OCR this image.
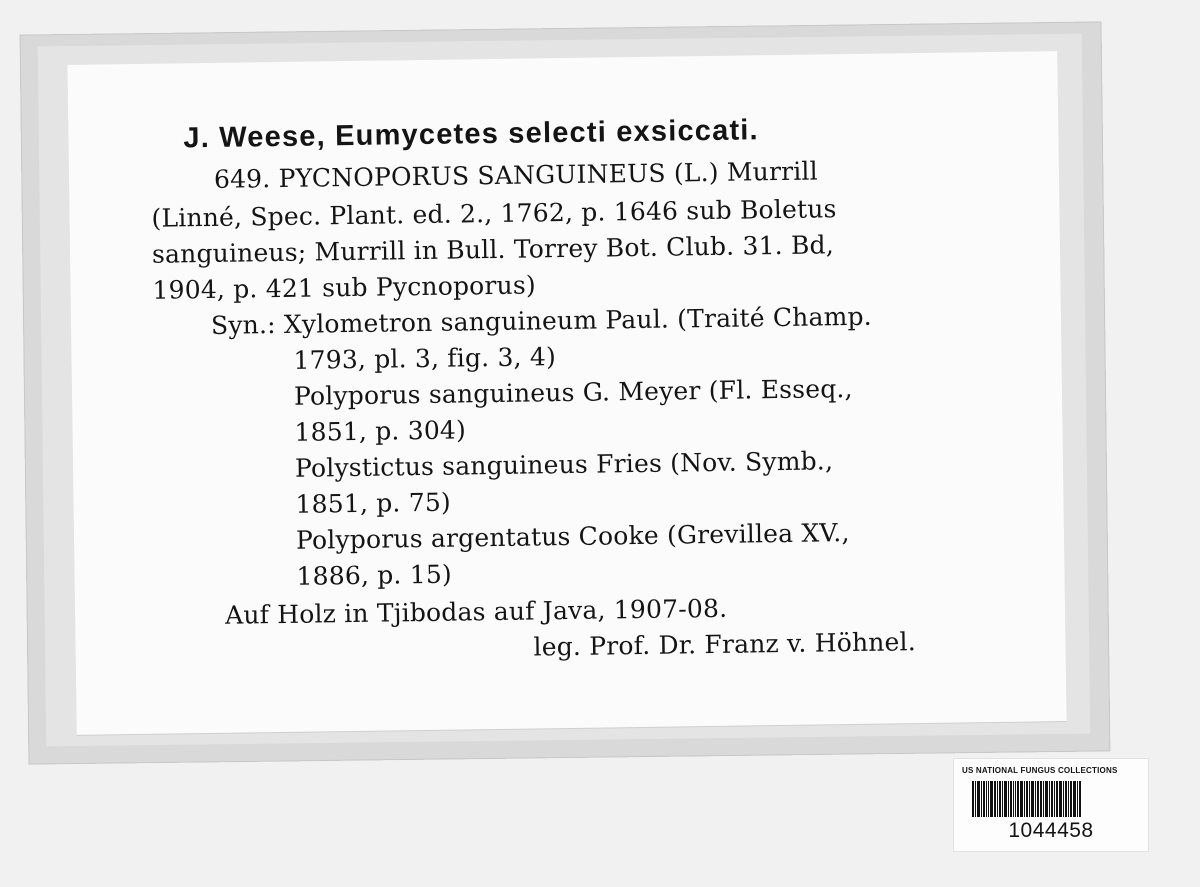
J. Weese, Eumycetes selecti exsiccati.
649. PYCNOPORUS SANGUINEUS (L.) Murrill
(Linné, Spec. Plant. ed. 2., 1762, p. 1646 sub Boletus
sanguineus; Murrill in Bull. Torrey Bot. Club. 31. Bd,
1904, p. 421 sub Pycnoporus)
Syn.: Xylometron sanguineum Paul. (Traité Champ.
1793, pl. 3, fig. 3, 4)
Polyporus sanguineus G. Meyer (Fl. Esseq.,
1851, p. 304)
Polystictus sanguineus Fries (Nov. Symb.,
1851, p. 75)
Polyporus argentatus Cooke (Grevillea XV.,
1886, p. 15)
Auf Holz in Tjibodas auf Java, 1907-08.
leg. Prof. Dr. Franz v. Höhnel.
US NATIONAL FUNGUS COLLECTIONS
1044458
